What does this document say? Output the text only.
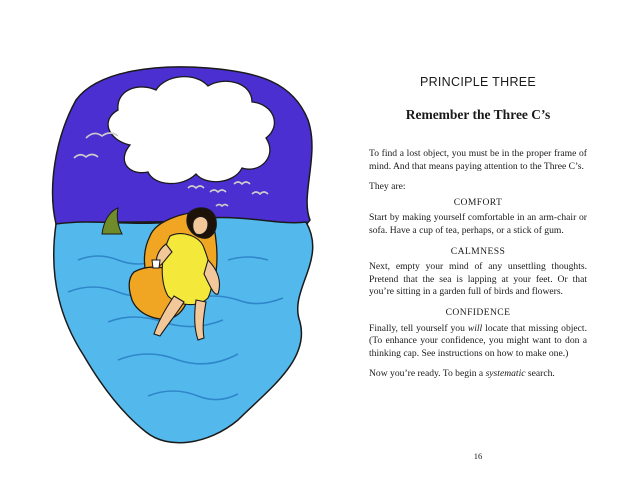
PRINCIPLE THREE
Remember the Three C’s

To find a lost object, you must be in the proper frame of mind. And that means paying attention to the Three C’s.

They are:

COMFORT

Start by making yourself comfortable in an arm-chair or sofa. Have a cup of tea, perhaps, or a stick of gum.

CALMNESS

Next, empty your mind of any unsettling thoughts. Pretend that the sea is lapping at your feet. Or that you’re sitting in a garden full of birds and flowers.

CONFIDENCE

Finally, tell yourself you will locate that missing object. (To enhance your confidence, you might want to don a thinking cap. See instructions on how to make one.)

Now you’re ready. To begin a systematic search.

16
